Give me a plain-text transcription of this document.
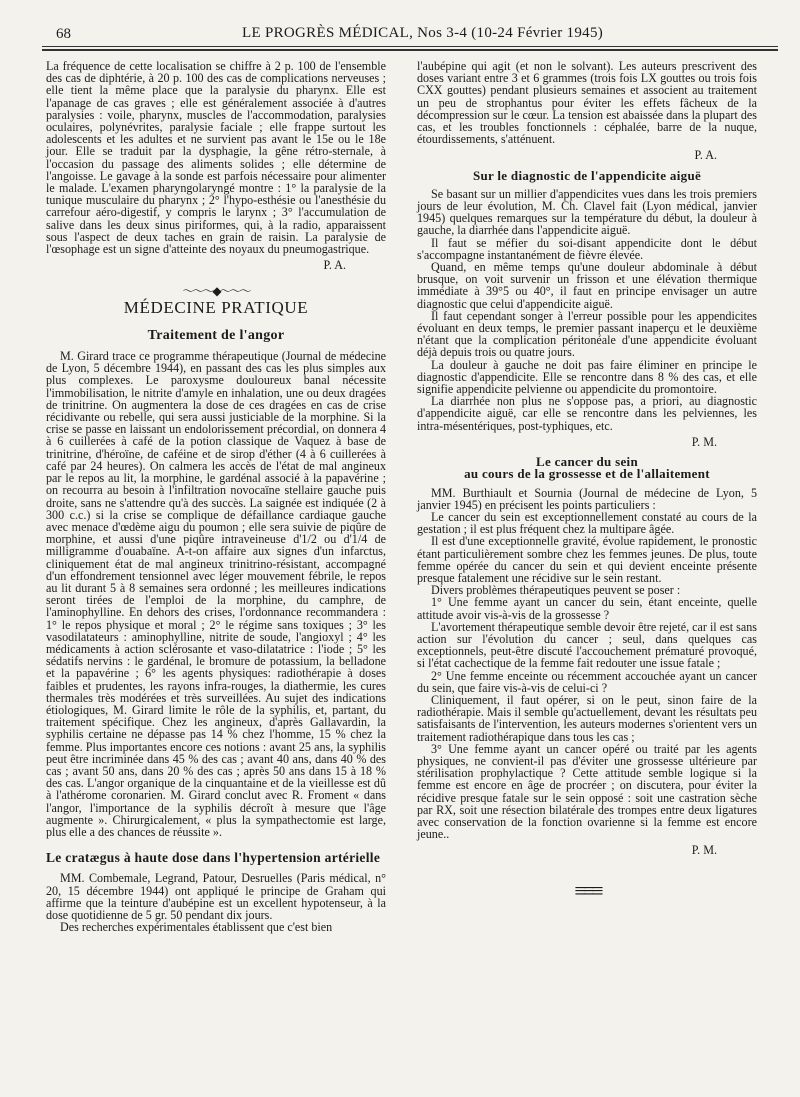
68	LE PROGRÈS MÉDICAL, Nos 3-4 (10-24 Février 1945)

La fréquence de cette localisation se chiffre à 2 p. 100 de l'ensemble des cas de diphtérie, à 20 p. 100 des cas de complications nerveuses ; elle tient la même place que la paralysie du pharynx. Elle est l'apanage de cas graves ; elle est généralement associée à d'autres paralysies : voile, pharynx, muscles de l'accommodation, paralysies oculaires, polynévrites, paralysie faciale ; elle frappe surtout les adolescents et les adultes et ne survient pas avant le 15e ou le 18e jour. Elle se traduit par la dysphagie, la gêne rétro-sternale, à l'occasion du passage des aliments solides ; elle détermine de l'angoisse. Le gavage à la sonde est parfois nécessaire pour alimenter le malade. L'examen pharyngolaryngé montre : 1° la paralysie de la tunique musculaire du pharynx ; 2° l'hypo-esthésie ou l'anesthésie du carrefour aéro-digestif, y compris le larynx ; 3° l'accumulation de salive dans les deux sinus piriformes, qui, à la radio, apparaissent sous l'aspect de deux taches en grain de raisin. La paralysie de l'œsophage est un signe d'atteinte des noyaux du pneumogastrique.

P. A.
〜〜〜◆〜〜〜
MÉDECINE PRATIQUE
Traitement de l'angor

M. Girard trace ce programme thérapeutique (Journal de médecine de Lyon, 5 décembre 1944), en passant des cas les plus simples aux plus complexes. Le paroxysme douloureux banal nécessite l'immobilisation, le nitrite d'amyle en inhalation, une ou deux dragées de trinitrine. On augmentera la dose de ces dragées en cas de crise récidivante ou rebelle, qui sera aussi justiciable de la morphine. Si la crise se passe en laissant un endolorissement précordial, on donnera 4 à 6 cuillerées à café de la potion classique de Vaquez à base de trinitrine, d'héroïne, de caféine et de sirop d'éther (4 à 6 cuillerées à café par 24 heures). On calmera les accès de l'état de mal angineux par le repos au lit, la morphine, le gardénal associé à la papavérine ; on recourra au besoin à l'infiltration novocaïne stellaire gauche puis droite, sans ne s'attendre qu'à des succès. La saignée est indiquée (2 à 300 c.c.) si la crise se complique de défaillance cardiaque gauche avec menace d'œdème aigu du poumon ; elle sera suivie de piqûre de morphine, et aussi d'une piqûre intraveineuse d'1/2 ou d'1/4 de milligramme d'ouabaïne. A-t-on affaire aux signes d'un infarctus, cliniquement état de mal angineux trinitrino-résistant, accompagné d'un effondrement tensionnel avec léger mouvement fébrile, le repos au lit durant 5 à 8 semaines sera ordonné ; les meilleures indications seront tirées de l'emploi de la morphine, du camphre, de l'aminophylline. En dehors des crises, l'ordonnance recommandera : 1° le repos physique et moral ; 2° le régime sans toxiques ; 3° les vasodilatateurs : aminophylline, nitrite de soude, l'angioxyl ; 4° les médicaments à action sclérosante et vaso-dilatatrice : l'iode ; 5° les sédatifs nervins : le gardénal, le bromure de potassium, la belladone et la papavérine ; 6° les agents physiques: radiothérapie à doses faibles et prudentes, les rayons infra-rouges, la diathermie, les cures thermales très modérées et très surveillées. Au sujet des indications étiologiques, M. Girard limite le rôle de la syphilis, et, partant, du traitement spécifique. Chez les angineux, d'après Gallavardin, la syphilis certaine ne dépasse pas 14 % chez l'homme, 15 % chez la femme. Plus importantes encore ces notions : avant 25 ans, la syphilis peut être incriminée dans 45 % des cas ; avant 40 ans, dans 40 % des cas ; avant 50 ans, dans 20 % des cas ; après 50 ans dans 15 à 18 % des cas. L'angor organique de la cinquantaine et de la vieillesse est dû à l'athérome coronarien. M. Girard conclut avec R. Froment « dans l'angor, l'importance de la syphilis décroît à mesure que l'âge augmente ». Chirurgicalement, « plus la sympathectomie est large, plus elle a des chances de réussite ».

Le cratægus à haute dose dans l'hypertension artérielle

MM. Combemale, Legrand, Patour, Desruelles (Paris médical, n° 20, 15 décembre 1944) ont appliqué le principe de Graham qui affirme que la teinture d'aubépine est un excellent hypotenseur, à la dose quotidienne de 5 gr. 50 pendant dix jours.

Des recherches expérimentales établissent que c'est bien

l'aubépine qui agit (et non le solvant). Les auteurs prescrivent des doses variant entre 3 et 6 grammes (trois fois LX gouttes ou trois fois CXX gouttes) pendant plusieurs semaines et associent au traitement un peu de strophantus pour éviter les effets fâcheux de la décompression sur le cœur. La tension est abaissée dans la plupart des cas, et les troubles fonctionnels : céphalée, barre de la nuque, étourdissements, s'atténuent.

P. A.
Sur le diagnostic de l'appendicite aiguë

Se basant sur un millier d'appendicites vues dans les trois premiers jours de leur évolution, M. Ch. Clavel fait (Lyon médical, janvier 1945) quelques remarques sur la température du début, la douleur à gauche, la diarrhée dans l'appendicite aiguë.

Il faut se méfier du soi-disant appendicite dont le début s'accompagne instantanément de fièvre élevée.

Quand, en même temps qu'une douleur abdominale à début brusque, on voit survenir un frisson et une élévation thermique immédiate à 39°5 ou 40°, il faut en principe envisager un autre diagnostic que celui d'appendicite aiguë.

Il faut cependant songer à l'erreur possible pour les appendicites évoluant en deux temps, le premier passant inaperçu et le deuxième n'étant que la complication péritonéale d'une appendicite évoluant déjà depuis trois ou quatre jours.

La douleur à gauche ne doit pas faire éliminer en principe le diagnostic d'appendicite. Elle se rencontre dans 8 % des cas, et elle signifie appendicite pelvienne ou appendicite du promontoire.

La diarrhée non plus ne s'oppose pas, a priori, au diagnostic d'appendicite aiguë, car elle se rencontre dans les pelviennes, les intra-mésentériques, post-typhiques, etc.

P. M.
Le cancer du sein
au cours de la grossesse et de l'allaitement

MM. Burthiault et Sournia (Journal de médecine de Lyon, 5 janvier 1945) en précisent les points particuliers :

Le cancer du sein est exceptionnellement constaté au cours de la gestation ; il est plus fréquent chez la multipare âgée.

Il est d'une exceptionnelle gravité, évolue rapidement, le pronostic étant particulièrement sombre chez les femmes jeunes. De plus, toute femme opérée du cancer du sein et qui devient enceinte présente presque fatalement une récidive sur le sein restant.

Divers problèmes thérapeutiques peuvent se poser :

1° Une femme ayant un cancer du sein, étant enceinte, quelle attitude avoir vis-à-vis de la grossesse ?

L'avortement thérapeutique semble devoir être rejeté, car il est sans action sur l'évolution du cancer ; seul, dans quelques cas exceptionnels, peut-être discuté l'accouchement prématuré provoqué, si l'état cachectique de la femme fait redouter une issue fatale ;

2° Une femme enceinte ou récemment accouchée ayant un cancer du sein, que faire vis-à-vis de celui-ci ?

Cliniquement, il faut opérer, si on le peut, sinon faire de la radiothérapie. Mais il semble qu'actuellement, devant les résultats peu satisfaisants de l'intervention, les auteurs modernes s'orientent vers un traitement radiothérapique dans tous les cas ;

3° Une femme ayant un cancer opéré ou traité par les agents physiques, ne convient-il pas d'éviter une grossesse ultérieure par stérilisation prophylactique ? Cette attitude semble logique si la femme est encore en âge de procréer ; on discutera, pour éviter la récidive presque fatale sur le sein opposé : soit une castration sèche par RX, soit une résection bilatérale des trompes entre deux ligatures avec conservation de la fonction ovarienne si la femme est encore jeune..

P. M.
≡≡≡
